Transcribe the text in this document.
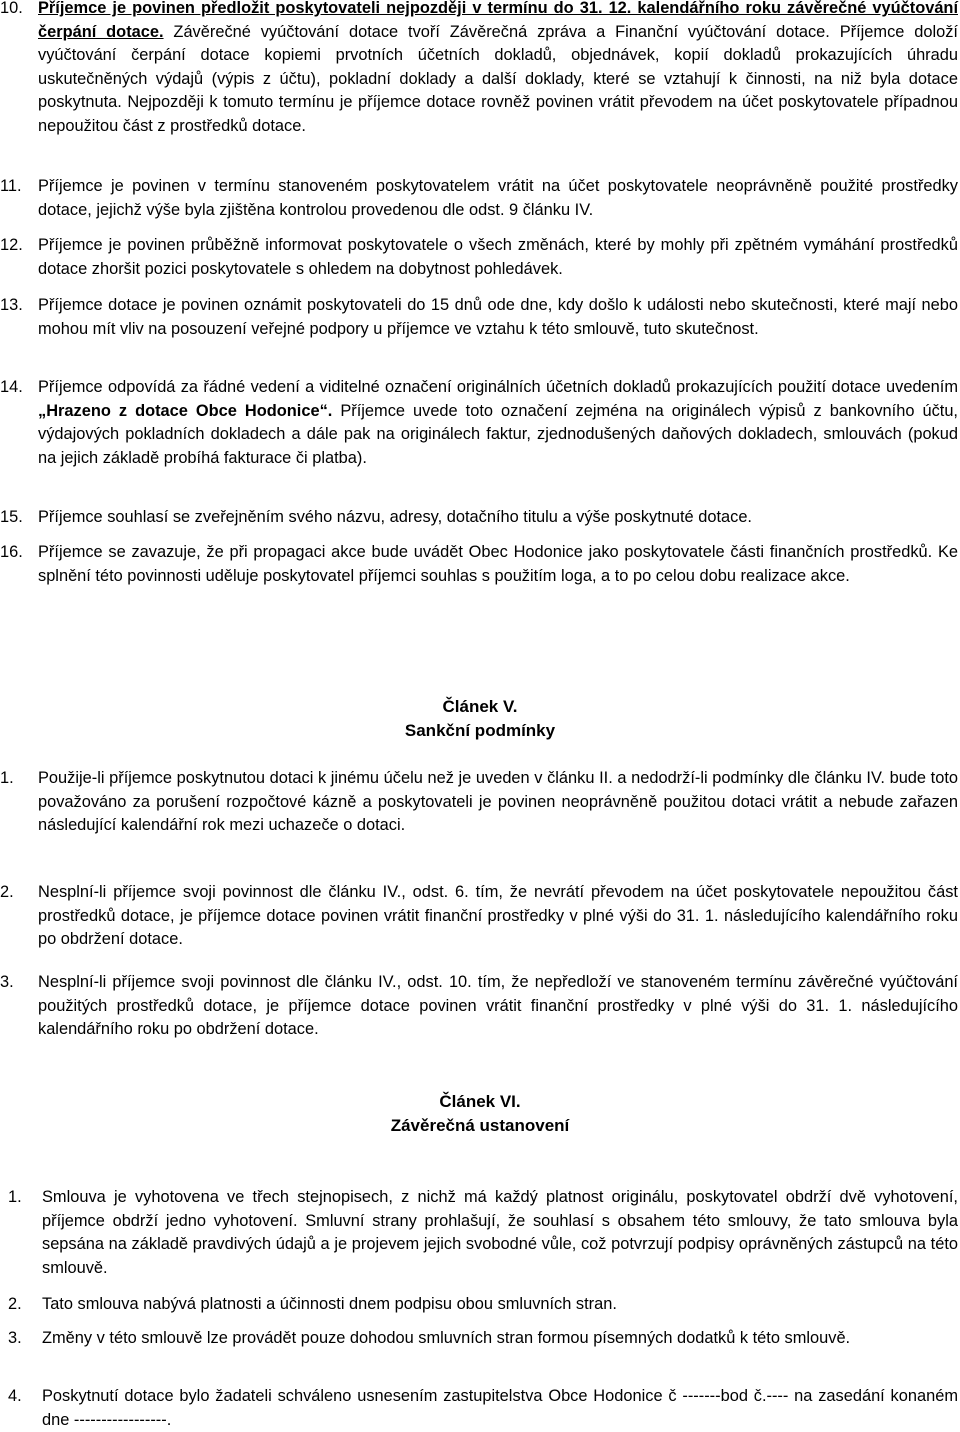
10. Příjemce je povinen předložit poskytovateli nejpozději v termínu do 31. 12. kalendářního roku závěrečné vyúčtování čerpání dotace. Závěrečné vyúčtování dotace tvoří Závěrečná zpráva a Finanční vyúčtování dotace. Příjemce doloží vyúčtování čerpání dotace kopiemi prvotních účetních dokladů, objednávek, kopií dokladů prokazujících úhradu uskutečněných výdajů (výpis z účtu), pokladní doklady a další doklady, které se vztahují k činnosti, na niž byla dotace poskytnuta. Nejpozději k tomuto termínu je příjemce dotace rovněž povinen vrátit převodem na účet poskytovatele případnou nepoužitou část z prostředků dotace.
11. Příjemce je povinen v termínu stanoveném poskytovatelem vrátit na účet poskytovatele neoprávněně použité prostředky dotace, jejichž výše byla zjištěna kontrolou provedenou dle odst. 9 článku IV.
12. Příjemce je povinen průběžně informovat poskytovatele o všech změnách, které by mohly při zpětném vymáhání prostředků dotace zhoršit pozici poskytovatele s ohledem na dobytnost pohledávek.
13. Příjemce dotace je povinen oznámit poskytovateli do 15 dnů ode dne, kdy došlo k události nebo skutečnosti, které mají nebo mohou mít vliv na posouzení veřejné podpory u příjemce ve vztahu k této smlouvě, tuto skutečnost.
14. Příjemce odpovídá za řádné vedení a viditelné označení originálních účetních dokladů prokazujících použití dotace uvedením „Hrazeno z dotace Obce Hodonice“. Příjemce uvede toto označení zejména na originálech výpisů z bankovního účtu, výdajových pokladních dokladech a dále pak na originálech faktur, zjednodušených daňových dokladech, smlouvách (pokud na jejich základě probíhá fakturace či platba).
15. Příjemce souhlasí se zveřejněním svého názvu, adresy, dotačního titulu a výše poskytnuté dotace.
16. Příjemce se zavazuje, že při propagaci akce bude uvádět Obec Hodonice jako poskytovatele části finančních prostředků. Ke splnění této povinnosti uděluje poskytovatel příjemci souhlas s použitím loga, a to po celou dobu realizace akce.
Článek V.
Sankční podmínky
1. Použije-li příjemce poskytnutou dotaci k jinému účelu než je uveden v článku II. a nedodrží-li podmínky dle článku IV. bude toto považováno za porušení rozpočtové kázně a poskytovateli je povinen neoprávněně použitou dotaci vrátit a nebude zařazen následující kalendářní rok mezi uchazeče o dotaci.
2. Nesplní-li příjemce svoji povinnost dle článku IV., odst. 6. tím, že nevrátí převodem na účet poskytovatele nepoužitou část prostředků dotace, je příjemce dotace povinen vrátit finanční prostředky v plné výši do 31. 1. následujícího kalendářního roku po obdržení dotace.
3. Nesplní-li příjemce svoji povinnost dle článku IV., odst. 10. tím, že nepředloží ve stanoveném termínu závěrečné vyúčtování použitých prostředků dotace, je příjemce dotace povinen vrátit finanční prostředky v plné výši do 31. 1. následujícího kalendářního roku po obdržení dotace.
Článek VI.
Závěrečná ustanovení
1. Smlouva je vyhotovena ve třech stejnopisech, z nichž má každý platnost originálu, poskytovatel obdrží dvě vyhotovení, příjemce obdrží jedno vyhotovení. Smluvní strany prohlašují, že souhlasí s obsahem této smlouvy, že tato smlouva byla sepsána na základě pravdivých údajů a je projevem jejich svobodné vůle, což potvrzují podpisy oprávněných zástupců na této smlouvě.
2. Tato smlouva nabývá platnosti a účinnosti dnem podpisu obou smluvních stran.
3. Změny v této smlouvě lze provádět pouze dohodou smluvních stran formou písemných dodatků k této smlouvě.
4. Poskytnutí dotace bylo žadateli schváleno usnesením zastupitelstva Obce Hodonice č -------bod č.---- na zasedání konaném dne -----------------.
